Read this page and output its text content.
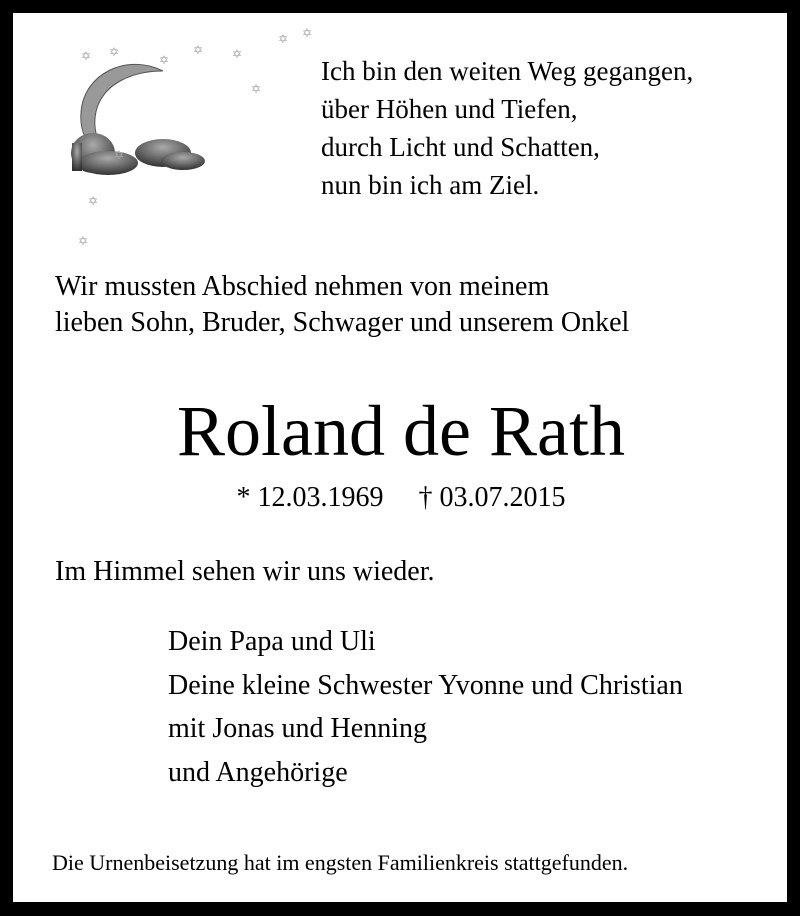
✡ ✡
✡
✡ ✡
✡ ✡
✡
✡
✡
✡
Ich bin den weiten Weg gegangen,
über Höhen und Tiefen,
durch Licht und Schatten,
nun bin ich am Ziel.
Wir mussten Abschied nehmen von meinem
lieben Sohn, Bruder, Schwager und unserem Onkel
Roland de Rath
* 12.03.1969 † 03.07.2015
Im Himmel sehen wir uns wieder.
Dein Papa und Uli
Deine kleine Schwester Yvonne und Christian
mit Jonas und Henning
und Angehörige
Die Urnenbeisetzung hat im engsten Familienkreis stattgefunden.
